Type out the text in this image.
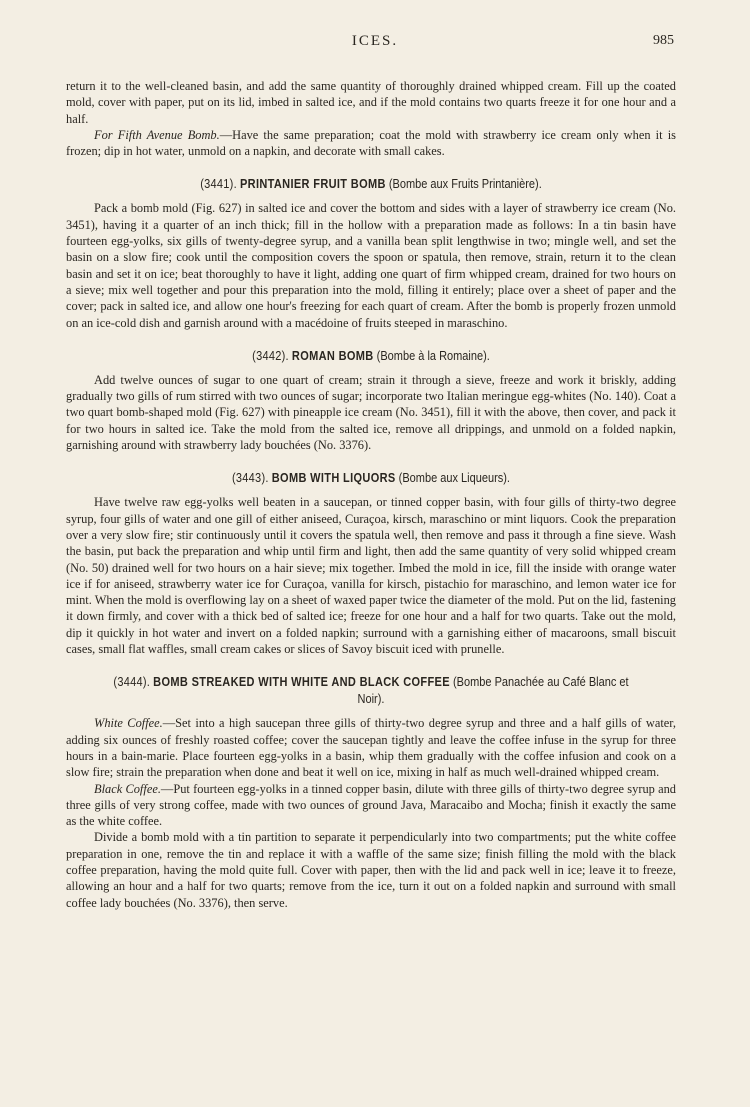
ICES.	985

return it to the well-cleaned basin, and add the same quantity of thoroughly drained whipped cream. Fill up the coated mold, cover with paper, put on its lid, imbed in salted ice, and if the mold contains two quarts freeze it for one hour and a half.

For Fifth Avenue Bomb.—Have the same preparation; coat the mold with strawberry ice cream only when it is frozen; dip in hot water, unmold on a napkin, and decorate with small cakes.

(3441). PRINTANIER FRUIT BOMB (Bombe aux Fruits Printanière).

Pack a bomb mold (Fig. 627) in salted ice and cover the bottom and sides with a layer of strawberry ice cream (No. 3451), having it a quarter of an inch thick; fill in the hollow with a preparation made as follows: In a tin basin have fourteen egg-yolks, six gills of twenty-degree syrup, and a vanilla bean split lengthwise in two; mingle well, and set the basin on a slow fire; cook until the composition covers the spoon or spatula, then remove, strain, return it to the clean basin and set it on ice; beat thoroughly to have it light, adding one quart of firm whipped cream, drained for two hours on a sieve; mix well together and pour this preparation into the mold, filling it entirely; place over a sheet of paper and the cover; pack in salted ice, and allow one hour's freezing for each quart of cream. After the bomb is properly frozen unmold on an ice-cold dish and garnish around with a macédoine of fruits steeped in maraschino.

(3442). ROMAN BOMB (Bombe à la Romaine).

Add twelve ounces of sugar to one quart of cream; strain it through a sieve, freeze and work it briskly, adding gradually two gills of rum stirred with two ounces of sugar; incorporate two Italian meringue egg-whites (No. 140). Coat a two quart bomb-shaped mold (Fig. 627) with pineapple ice cream (No. 3451), fill it with the above, then cover, and pack it for two hours in salted ice. Take the mold from the salted ice, remove all drippings, and unmold on a folded napkin, garnishing around with strawberry lady bouchées (No. 3376).

(3443). BOMB WITH LIQUORS (Bombe aux Liqueurs).

Have twelve raw egg-yolks well beaten in a saucepan, or tinned copper basin, with four gills of thirty-two degree syrup, four gills of water and one gill of either aniseed, Curaçoa, kirsch, maraschino or mint liquors. Cook the preparation over a very slow fire; stir continuously until it covers the spatula well, then remove and pass it through a fine sieve. Wash the basin, put back the preparation and whip until firm and light, then add the same quantity of very solid whipped cream (No. 50) drained well for two hours on a hair sieve; mix together. Imbed the mold in ice, fill the inside with orange water ice if for aniseed, strawberry water ice for Curaçoa, vanilla for kirsch, pistachio for maraschino, and lemon water ice for mint. When the mold is overflowing lay on a sheet of waxed paper twice the diameter of the mold. Put on the lid, fastening it down firmly, and cover with a thick bed of salted ice; freeze for one hour and a half for two quarts. Take out the mold, dip it quickly in hot water and invert on a folded napkin; surround with a garnishing either of macaroons, small biscuit cases, small flat waffles, small cream cakes or slices of Savoy biscuit iced with prunelle.

(3444). BOMB STREAKED WITH WHITE AND BLACK COFFEE (Bombe Panachée au Café Blanc et Noir).

White Coffee.—Set into a high saucepan three gills of thirty-two degree syrup and three and a half gills of water, adding six ounces of freshly roasted coffee; cover the saucepan tightly and leave the coffee infuse in the syrup for three hours in a bain-marie. Place fourteen egg-yolks in a basin, whip them gradually with the coffee infusion and cook on a slow fire; strain the preparation when done and beat it well on ice, mixing in half as much well-drained whipped cream.

Black Coffee.—Put fourteen egg-yolks in a tinned copper basin, dilute with three gills of thirty-two degree syrup and three gills of very strong coffee, made with two ounces of ground Java, Maracaibo and Mocha; finish it exactly the same as the white coffee.

Divide a bomb mold with a tin partition to separate it perpendicularly into two compartments; put the white coffee preparation in one, remove the tin and replace it with a waffle of the same size; finish filling the mold with the black coffee preparation, having the mold quite full. Cover with paper, then with the lid and pack well in ice; leave it to freeze, allowing an hour and a half for two quarts; remove from the ice, turn it out on a folded napkin and surround with small coffee lady bouchées (No. 3376), then serve.
